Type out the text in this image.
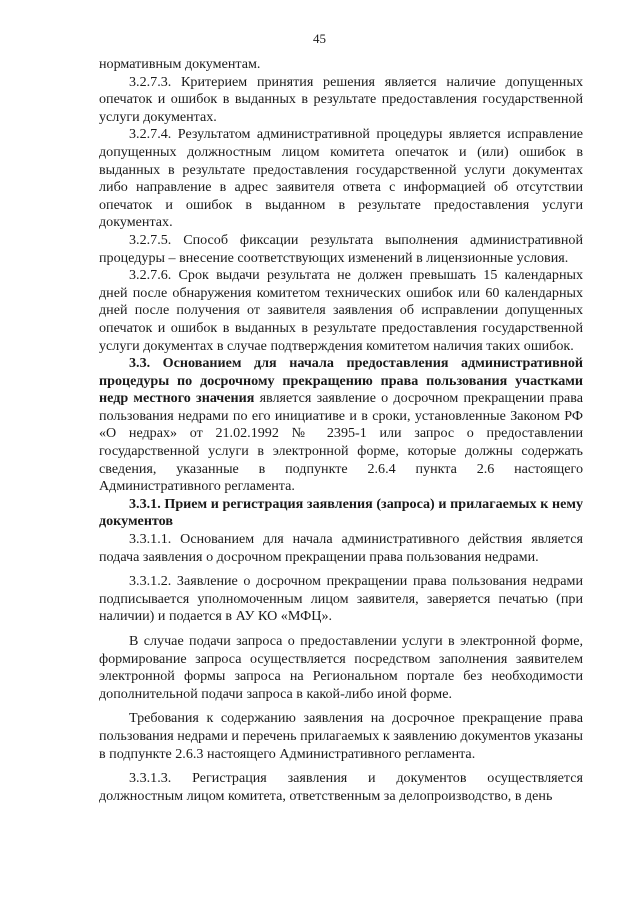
45

нормативным документам.

3.2.7.3. Критерием принятия решения является наличие допущенных опечаток и ошибок в выданных в результате предоставления государственной услуги документах.

3.2.7.4. Результатом административной процедуры является исправление допущенных должностным лицом комитета опечаток и (или) ошибок в выданных в результате предоставления государственной услуги документах либо направление в адрес заявителя ответа с информацией об отсутствии опечаток и ошибок в выданном в результате предоставления услуги документах.

3.2.7.5. Способ фиксации результата выполнения административной процедуры – внесение соответствующих изменений в лицензионные условия.

3.2.7.6. Срок выдачи результата не должен превышать 15 календарных дней после обнаружения комитетом технических ошибок или 60 календарных дней после получения от заявителя заявления об исправлении допущенных опечаток и ошибок в выданных в результате предоставления государственной услуги документах в случае подтверждения комитетом наличия таких ошибок.

3.3. Основанием для начала предоставления административной процедуры по досрочному прекращению права пользования участками недр местного значения является заявление о досрочном прекращении права пользования недрами по его инициативе и в сроки, установленные Законом РФ «О недрах» от 21.02.1992 № 2395-1 или запрос о предоставлении государственной услуги в электронной форме, которые должны содержать сведения, указанные в подпункте 2.6.4 пункта 2.6 настоящего Административного регламента.

3.3.1. Прием и регистрация заявления (запроса) и прилагаемых к нему документов

3.3.1.1. Основанием для начала административного действия является подача заявления о досрочном прекращении права пользования недрами.

3.3.1.2. Заявление о досрочном прекращении права пользования недрами подписывается уполномоченным лицом заявителя, заверяется печатью (при наличии) и подается в АУ КО «МФЦ».

В случае подачи запроса о предоставлении услуги в электронной форме, формирование запроса осуществляется посредством заполнения заявителем электронной формы запроса на Региональном портале без необходимости дополнительной подачи запроса в какой-либо иной форме.

Требования к содержанию заявления на досрочное прекращение права пользования недрами и перечень прилагаемых к заявлению документов указаны в подпункте 2.6.3 настоящего Административного регламента.

3.3.1.3. Регистрация заявления и документов осуществляется должностным лицом комитета, ответственным за делопроизводство, в день
